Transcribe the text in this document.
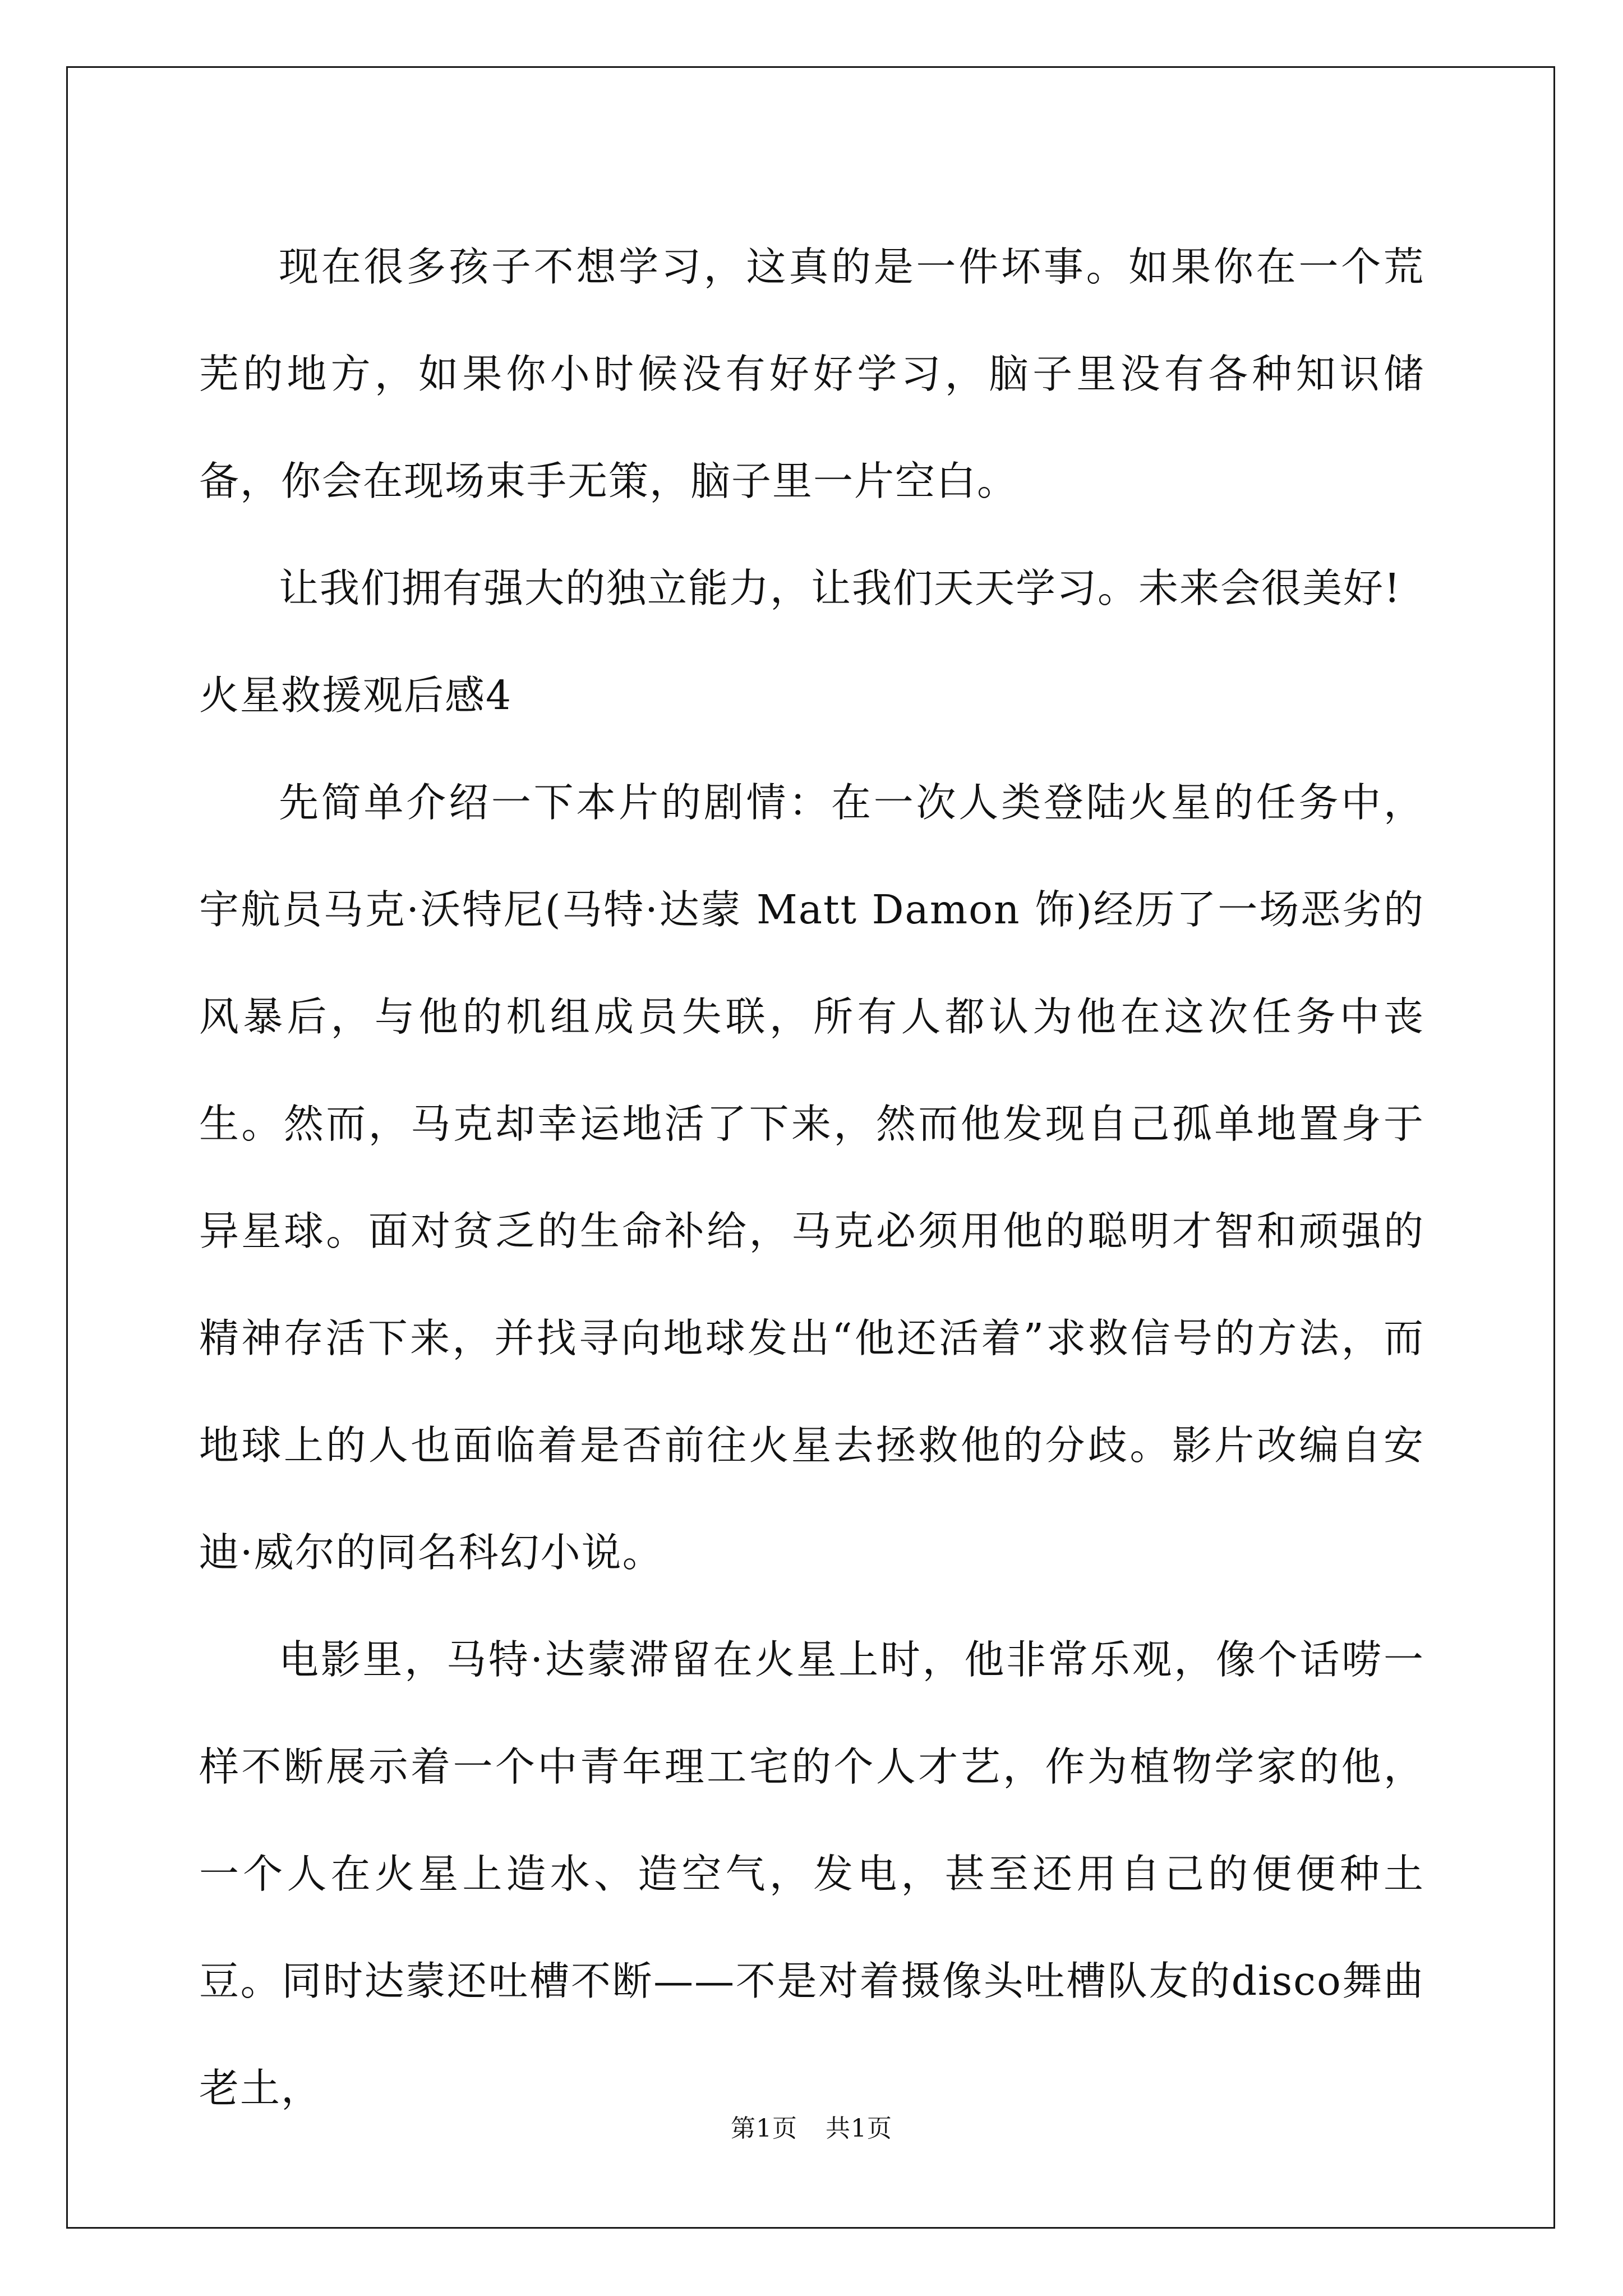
现在很多孩子不想学习，这真的是一件坏事。如果你在一个荒芜的地方，如果你小时候没有好好学习，脑子里没有各种知识储备，你会在现场束手无策，脑子里一片空白。

让我们拥有强大的独立能力，让我们天天学习。未来会很美好!

火星救援观后感4

先简单介绍一下本片的剧情：在一次人类登陆火星的任务中，宇航员马克·沃特尼(马特·达蒙 Matt Damon 饰)经历了一场恶劣的风暴后，与他的机组成员失联，所有人都认为他在这次任务中丧生。然而，马克却幸运地活了下来，然而他发现自己孤单地置身于异星球。面对贫乏的生命补给，马克必须用他的聪明才智和顽强的精神存活下来，并找寻向地球发出“他还活着”求救信号的方法，而地球上的人也面临着是否前往火星去拯救他的分歧。影片改编自安迪·威尔的同名科幻小说。

电影里，马特·达蒙滞留在火星上时，他非常乐观，像个话唠一样不断展示着一个中青年理工宅的个人才艺，作为植物学家的他，一个人在火星上造水、造空气，发电，甚至还用自己的便便种土豆。同时达蒙还吐槽不断——不是对着摄像头吐槽队友的disco舞曲老土，

第1页 共1页
